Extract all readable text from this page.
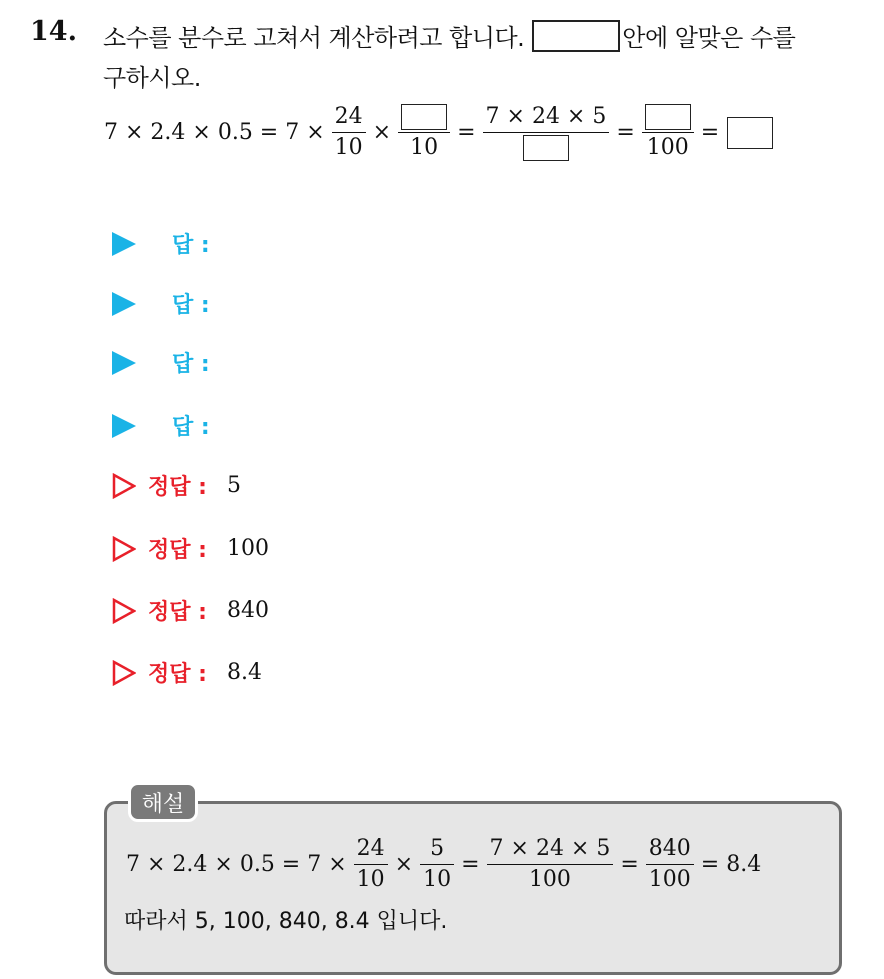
14. 소수를 분수로 고쳐서 계산하려고 합니다.	안에 알맞은 수를
구하시오.
$7 \times 2.4 \times 0.5 = 7 \times \frac{24}{10}$ ×
10
=
7 × 24 × 5
=
100
=
답 :
답 :
답 :
답 :
정답 : 5
정답 : 100
정답 : 840
정답 : 8.4
해설
$7 \times 2.4 \times 0.5 = 7 \times \frac{24}{10} \times \frac{5}{10} = \frac{7 \times 24 \times 5}{100} = \frac{840}{100} = 8.4$
따라서 5, 100, 840, 8.4 입니다.
